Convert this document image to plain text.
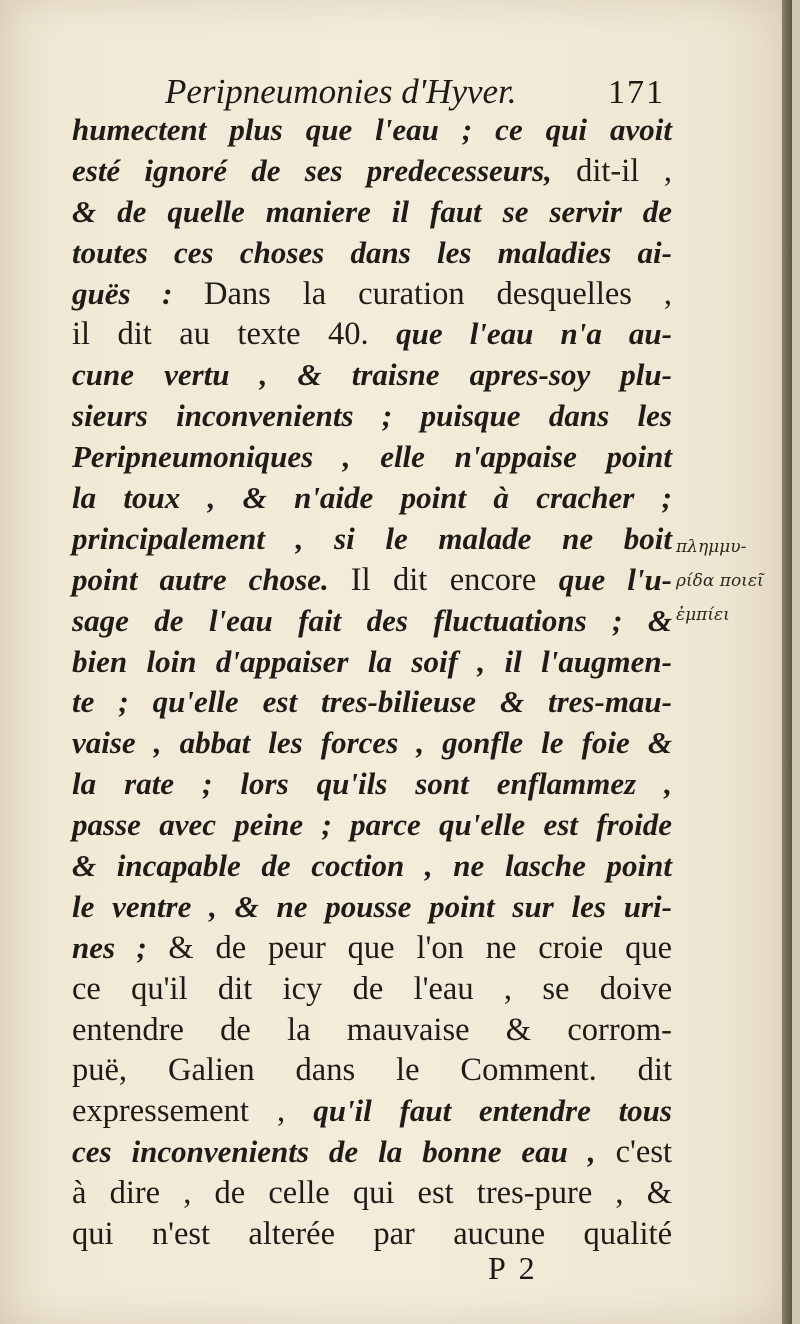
Peripneumonies d'Hyver.	171
humectent plus que l'eau ; ce qui avoit
esté ignoré de ses predecesseurs, dit-il ,
& de quelle maniere il faut se servir de
toutes ces choses dans les maladies ai-
guës : Dans la curation desquelles ,
il dit au texte 40. que l'eau n'a au-
cune vertu , & traisne apres-soy plu-
sieurs inconvenients ; puisque dans les
Peripneumoniques , elle n'appaise point
la toux , & n'aide point à cracher ;
principalement , si le malade ne boit
point autre chose. Il dit encore que l'u-
sage de l'eau fait des fluctuations ; &
bien loin d'appaiser la soif , il l'augmen-
te ; qu'elle est tres-bilieuse & tres-mau-
vaise , abbat les forces , gonfle le foie &
la rate ; lors qu'ils sont enflammez ,
passe avec peine ; parce qu'elle est froide
& incapable de coction , ne lasche point
le ventre , & ne pousse point sur les uri-
nes ; & de peur que l'on ne croie que
ce qu'il dit icy de l'eau , se doive
entendre de la mauvaise & corrom-
puë, Galien dans le Comment. dit
expressement , qu'il faut entendre tous
ces inconvenients de la bonne eau , c'est
à dire , de celle qui est tres-pure , &
qui n'est alterée par aucune qualité
πλημμυ-
ρίδα ποιεῖ
ἐμπίει
P 2
